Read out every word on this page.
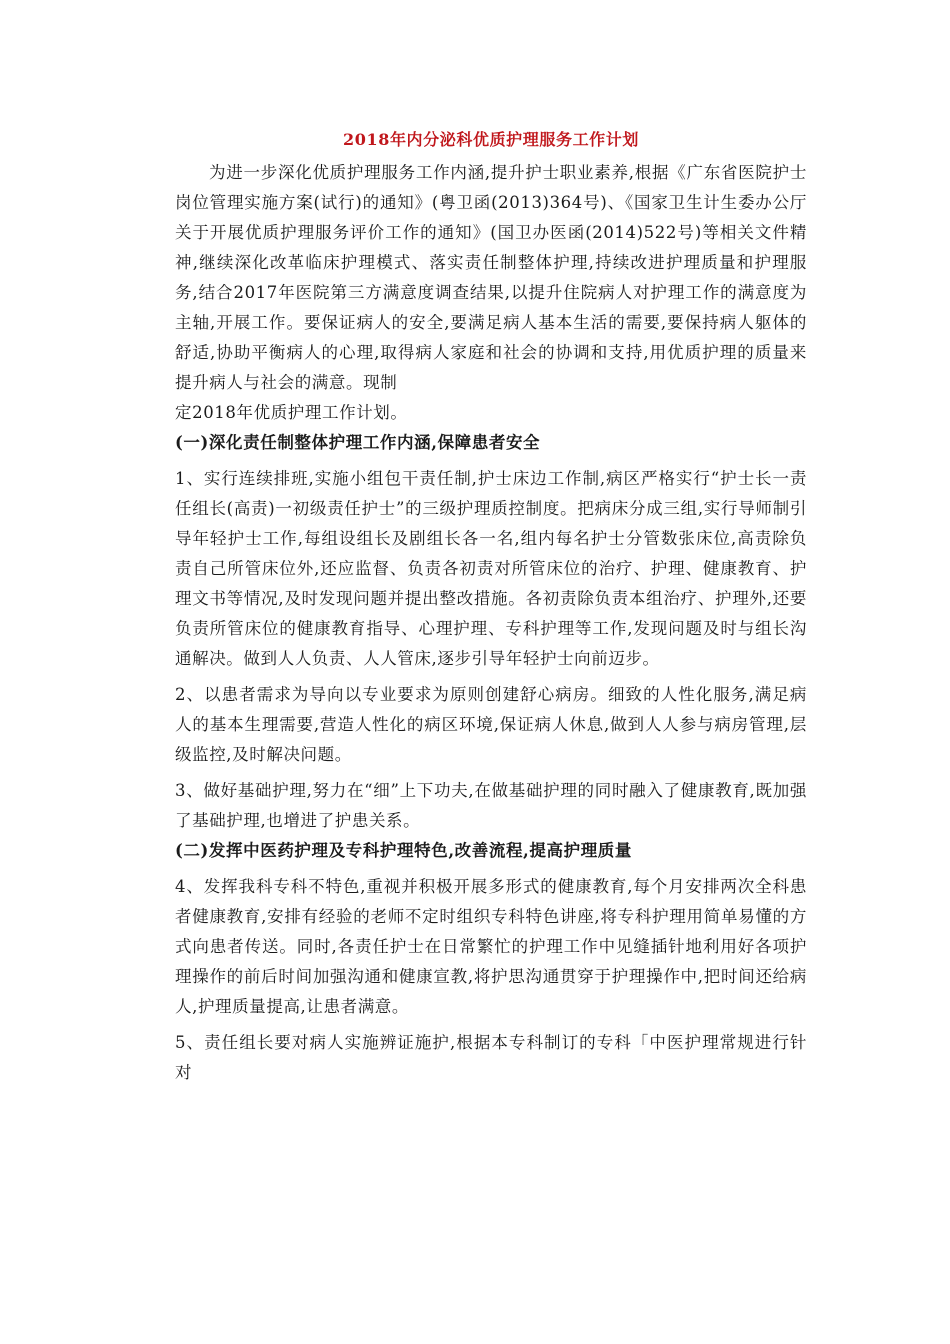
2018年内分泌科优质护理服务工作计划

为进一步深化优质护理服务工作内涵,提升护士职业素养,根据《广东省医院护士岗位管理实施方案(试行)的通知》(粤卫函(2013)364号)、《国家卫生计生委办公厅关于开展优质护理服务评价工作的通知》(国卫办医函(2014)522号)等相关文件精神,继续深化改革临床护理模式、落实责任制整体护理,持续改进护理质量和护理服务,结合2017年医院第三方满意度调查结果,以提升住院病人对护理工作的满意度为主轴,开展工作。要保证病人的安全,要满足病人基本生活的需要,要保持病人躯体的舒适,协助平衡病人的心理,取得病人家庭和社会的协调和支持,用优质护理的质量来提升病人与社会的满意。现制

定2018年优质护理工作计划。

(一)深化责任制整体护理工作内涵,保障患者安全

1、实行连续排班,实施小组包干责任制,护士床边工作制,病区严格实行“护士长一责任组长(高责)一初级责任护士”的三级护理质控制度。把病床分成三组,实行导师制引导年轻护士工作,每组设组长及剧组长各一名,组内每名护士分管数张床位,高责除负责自己所管床位外,还应监督、负责各初责对所管床位的治疗、护理、健康教育、护理文书等情况,及时发现问题并提出整改措施。各初责除负责本组治疗、护理外,还要负责所管床位的健康教育指导、心理护理、专科护理等工作,发现问题及时与组长沟通解决。做到人人负责、人人管床,逐步引导年轻护士向前迈步。

2、以患者需求为导向以专业要求为原则创建舒心病房。细致的人性化服务,满足病人的基本生理需要,营造人性化的病区环境,保证病人休息,做到人人参与病房管理,层级监控,及时解决问题。

3、做好基础护理,努力在“细”上下功夫,在做基础护理的同时融入了健康教育,既加强了基础护理,也增进了护患关系。

(二)发挥中医药护理及专科护理特色,改善流程,提高护理质量

4、发挥我科专科不特色,重视并积极开展多形式的健康教育,每个月安排两次全科患者健康教育,安排有经验的老师不定时组织专科特色讲座,将专科护理用简单易懂的方式向患者传送。同时,各责任护士在日常繁忙的护理工作中见缝插针地利用好各项护理操作的前后时间加强沟通和健康宣教,将护思沟通贯穿于护理操作中,把时间还给病人,护理质量提高,让患者满意。

5、责任组长要对病人实施辨证施护,根据本专科制订的专科「中医护理常规进行针对
